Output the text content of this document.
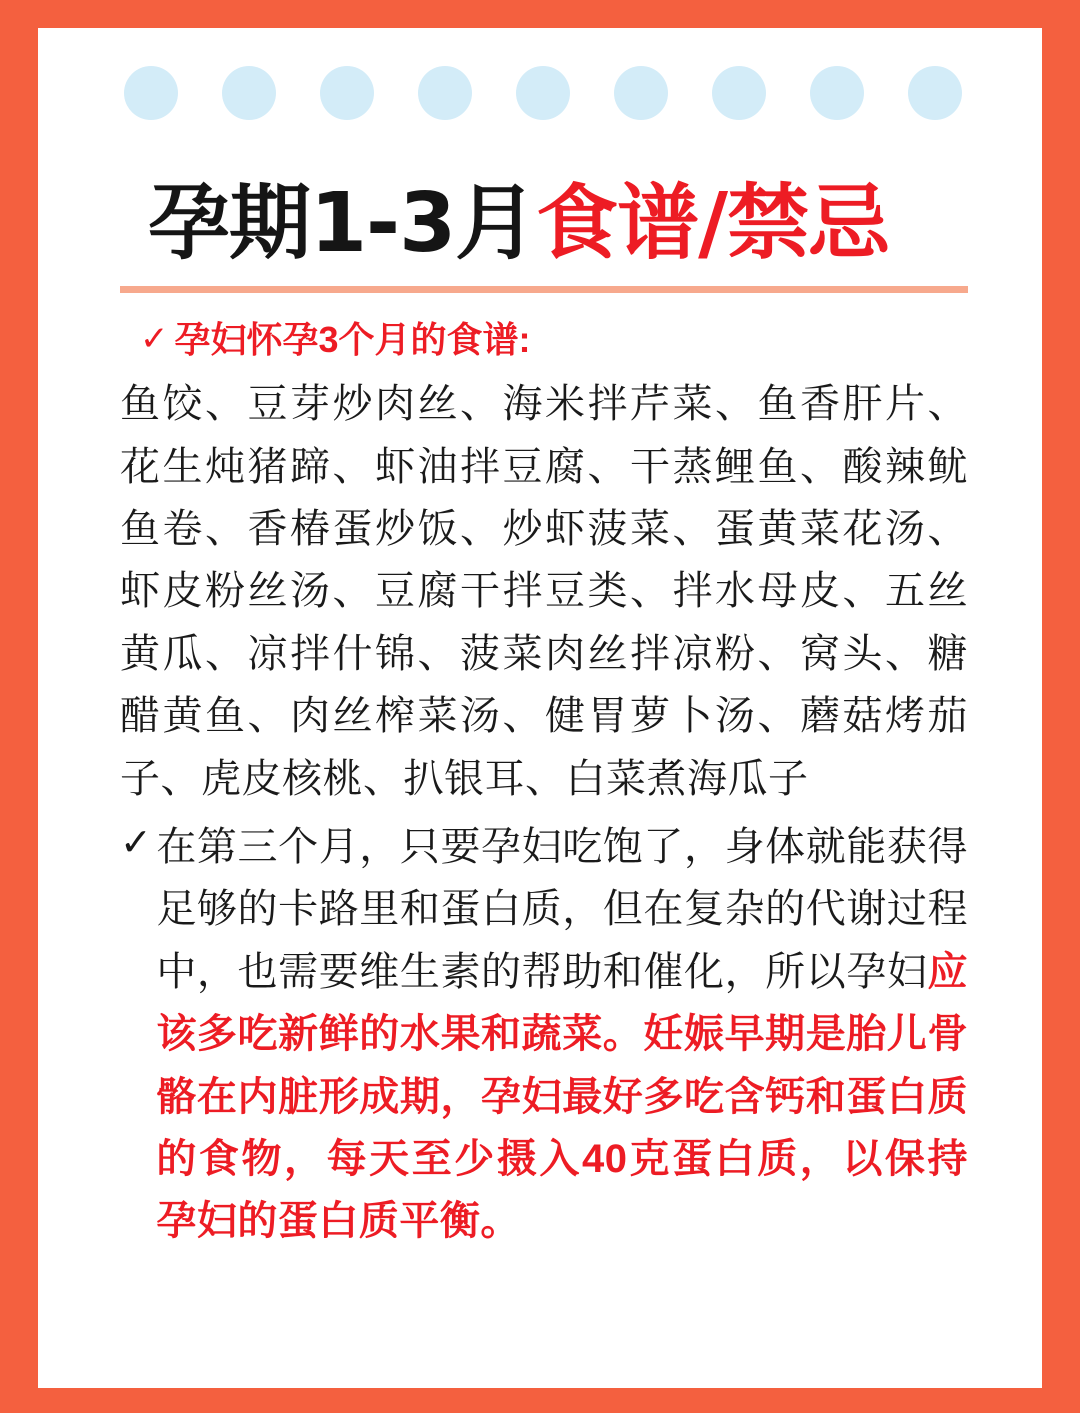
孕期1-3月食谱/禁忌
✓ 孕妇怀孕3个月的食谱 :

鱼饺、豆芽炒肉丝、海米拌芹菜、鱼香肝片、花生炖猪蹄、虾油拌豆腐、干蒸鲤鱼、酸辣鱿鱼卷、香椿蛋炒饭、炒虾菠菜、蛋黄菜花汤、虾皮粉丝汤、豆腐干拌豆类、拌水母皮、五丝黄瓜、凉拌什锦、菠菜肉丝拌凉粉、窝头、糖醋黄鱼、肉丝榨菜汤、健胃萝卜汤、蘑菇烤茄子、虎皮核桃、扒银耳、白菜煮海瓜子

✓ 在第三个月，只要孕妇吃饱了，身体就能获得足够的卡路里和蛋白质，但在复杂的代谢过程中，也需要维生素的帮助和催化，所以孕妇应该多吃新鲜的水果和蔬菜。妊娠早期是胎儿骨骼在内脏形成期，孕妇最好多吃含钙和蛋白质的食物，每天至少摄入40克蛋白质，以保持孕妇的蛋白质平衡。
